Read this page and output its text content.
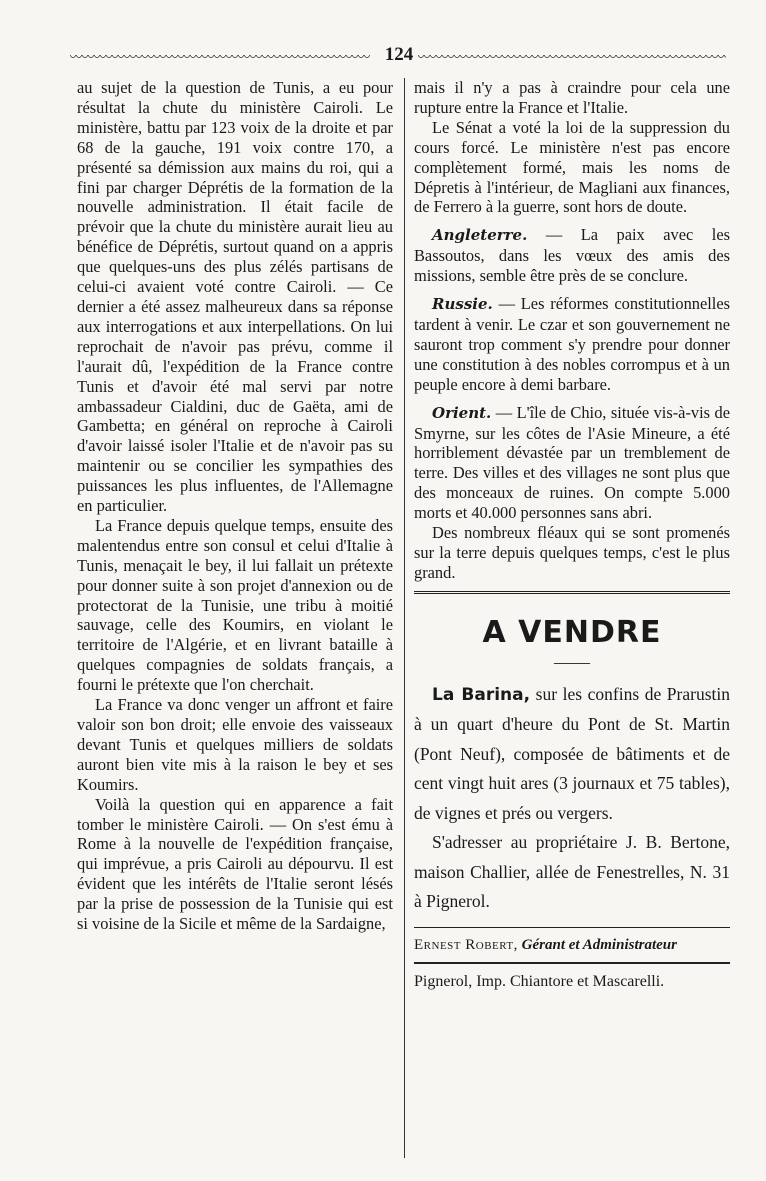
124

au sujet de la question de Tunis, a eu pour résultat la chute du ministère Cairoli. Le ministère, battu par 123 voix de la droite et par 68 de la gauche, 191 voix contre 170, a présenté sa démission aux mains du roi, qui a fini par charger Déprétis de la formation de la nouvelle administration. Il était facile de prévoir que la chute du ministère aurait lieu au bénéfice de Déprétis, surtout quand on a appris que quelques-uns des plus zélés partisans de celui-ci avaient voté contre Cairoli. — Ce dernier a été assez malheureux dans sa réponse aux interrogations et aux interpellations. On lui reprochait de n'avoir pas prévu, comme il l'aurait dû, l'expédition de la France contre Tunis et d'avoir été mal servi par notre ambassadeur Cialdini, duc de Gaëta, ami de Gambetta; en général on reproche à Cairoli d'avoir laissé isoler l'Italie et de n'avoir pas su maintenir ou se concilier les sympathies des puissances les plus influentes, de l'Allemagne en particulier.

La France depuis quelque temps, ensuite des malentendus entre son consul et celui d'Italie à Tunis, menaçait le bey, il lui fallait un prétexte pour donner suite à son projet d'annexion ou de protectorat de la Tunisie, une tribu à moitié sauvage, celle des Koumirs, en violant le territoire de l'Algérie, et en livrant bataille à quelques compagnies de soldats français, a fourni le prétexte que l'on cherchait.

La France va donc venger un affront et faire valoir son bon droit; elle envoie des vaisseaux devant Tunis et quelques milliers de soldats auront bien vite mis à la raison le bey et ses Koumirs.

Voilà la question qui en apparence a fait tomber le ministère Cairoli. — On s'est ému à Rome à la nouvelle de l'expédition française, qui imprévue, a pris Cairoli au dépourvu. Il est évident que les intérêts de l'Italie seront lésés par la prise de possession de la Tunisie qui est si voisine de la Sicile et même de la Sardaigne,

mais il n'y a pas à craindre pour cela une rupture entre la France et l'Italie.

Le Sénat a voté la loi de la suppression du cours forcé. Le ministère n'est pas encore complètement formé, mais les noms de Dépretis à l'intérieur, de Magliani aux finances, de Ferrero à la guerre, sont hors de doute.

Angleterre. — La paix avec les Bassoutos, dans les vœux des amis des missions, semble être près de se conclure.

Russie. — Les réformes constitutionnelles tardent à venir. Le czar et son gouvernement ne sauront trop comment s'y prendre pour donner une constitution à des nobles corrompus et à un peuple encore à demi barbare.

Orient. — L'île de Chio, située vis-à-vis de Smyrne, sur les côtes de l'Asie Mineure, a été horriblement dévastée par un tremblement de terre. Des villes et des villages ne sont plus que des monceaux de ruines. On compte 5.000 morts et 40.000 personnes sans abri.

Des nombreux fléaux qui se sont promenés sur la terre depuis quelques temps, c'est le plus grand.

A VENDRE
——

La Barina, sur les confins de Prarustin à un quart d'heure du Pont de St. Martin (Pont Neuf), composée de bâtiments et de cent vingt huit ares (3 journaux et 75 tables), de vignes et prés ou vergers.

S'adresser au propriétaire J. B. Bertone, maison Challier, allée de Fenestrelles, N. 31 à Pignerol.

Ernest Robert, Gérant et Administrateur
Pignerol, Imp. Chiantore et Mascarelli.
